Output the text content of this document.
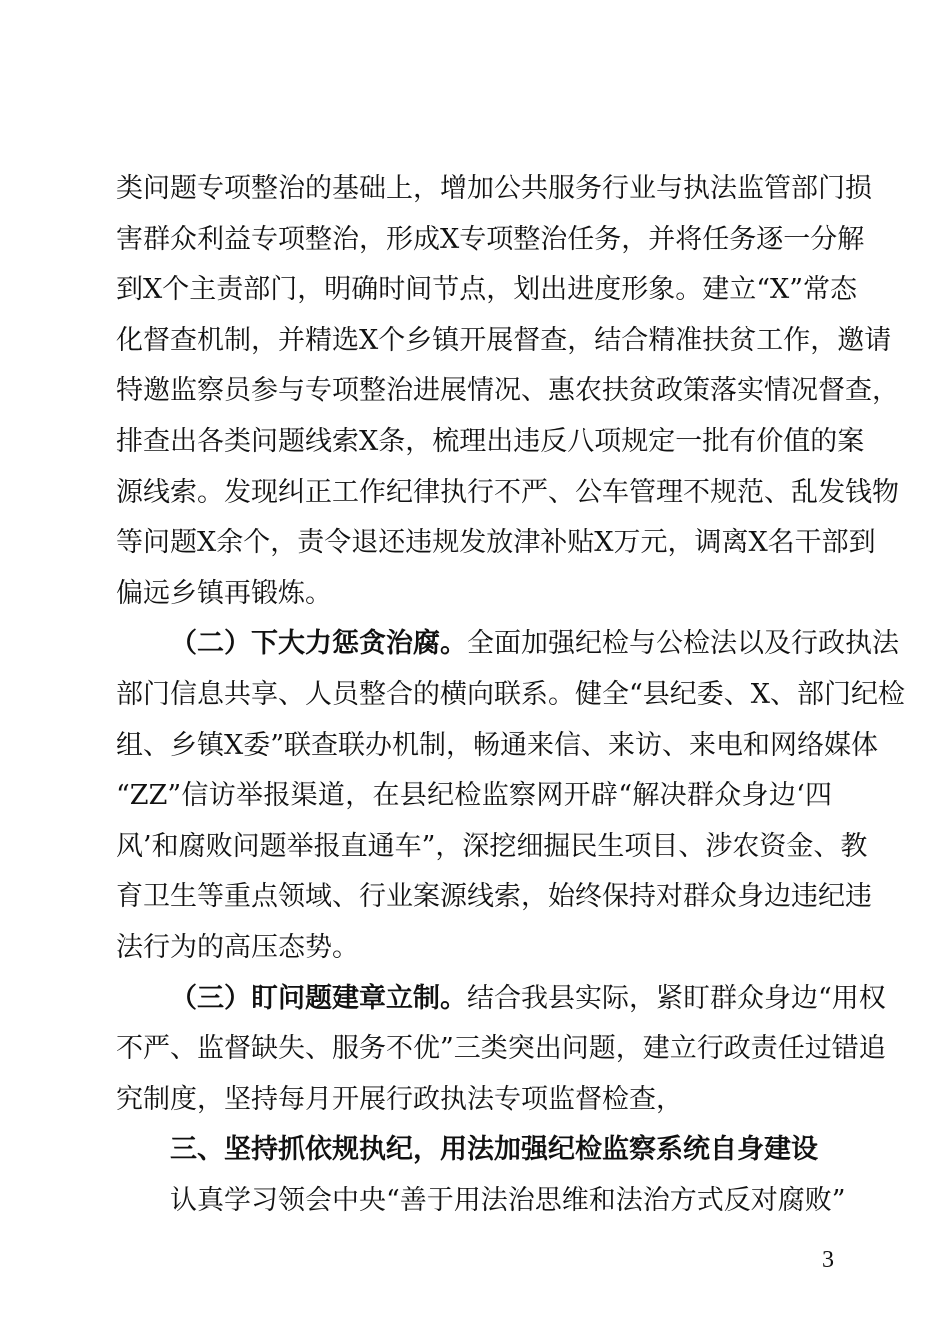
类问题专项整治的基础上，增加公共服务行业与执法监管部门损
害群众利益专项整治，形成X专项整治任务，并将任务逐一分解
到X个主责部门，明确时间节点，划出进度形象。建立“X”常态
化督查机制，并精选X个乡镇开展督查，结合精准扶贫工作，邀请
特邀监察员参与专项整治进展情况、惠农扶贫政策落实情况督查，
排查出各类问题线索X条，梳理出违反八项规定一批有价值的案
源线索。发现纠正工作纪律执行不严、公车管理不规范、乱发钱物
等问题X余个，责令退还违规发放津补贴X万元，调离X名干部到
偏远乡镇再锻炼。
（二）下大力惩贪治腐。全面加强纪检与公检法以及行政执法
部门信息共享、人员整合的横向联系。健全“县纪委、X、部门纪检
组、乡镇X委”联查联办机制，畅通来信、来访、来电和网络媒体
“ZZ”信访举报渠道，在县纪检监察网开辟“解决群众身边‘四
风’和腐败问题举报直通车”，深挖细掘民生项目、涉农资金、教
育卫生等重点领域、行业案源线索，始终保持对群众身边违纪违
法行为的高压态势。
（三）盯问题建章立制。结合我县实际，紧盯群众身边“用权
不严、监督缺失、服务不优”三类突出问题，建立行政责任过错追
究制度，坚持每月开展行政执法专项监督检查，
三、坚持抓依规执纪，用法加强纪检监察系统自身建设
认真学习领会中央“善于用法治思维和法治方式反对腐败”
3
